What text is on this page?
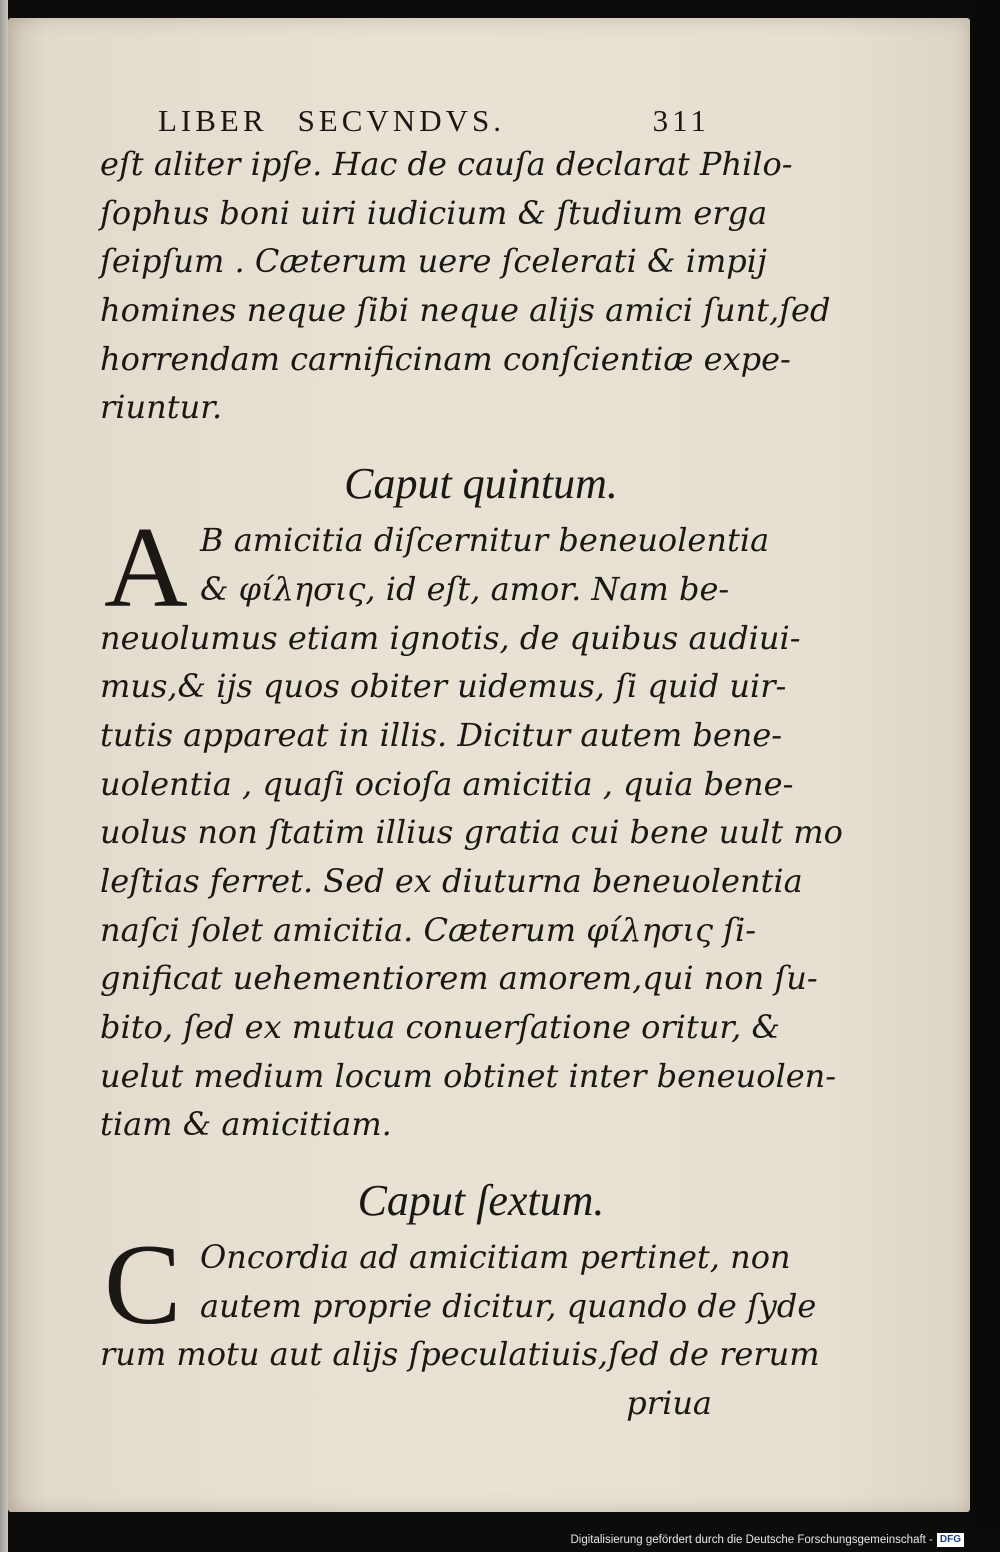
LIBER SECVNDVS.	311
eſt aliter ipſe. Hac de cauſa declarat Philo-
ſophus boni uiri iudicium & ſtudium erga
ſeipſum . Cæterum uere ſcelerati & impij
homines neque ſibi neque alijs amici ſunt,ſed
horrendam carnificinam conſcientiæ expe-
riuntur.
Caput quintum.
A B amicitia diſcernitur beneuolentia
& φίλησις, id eſt, amor. Nam be-
neuolumus etiam ignotis, de quibus audiui-
mus,& ijs quos obiter uidemus, ſi quid uir-
tutis appareat in illis. Dicitur autem bene-
uolentia , quaſi ocioſa amicitia , quia bene-
uolus non ſtatim illius gratia cui bene uult mo
leſtias ferret. Sed ex diuturna beneuolentia
naſci ſolet amicitia. Cæterum φίλησις ſi-
gnificat uehementiorem amorem,qui non ſu-
bito, ſed ex mutua conuerſatione oritur, &
uelut medium locum obtinet inter beneuolen-
tiam & amicitiam.
Caput ſextum.
C Oncordia ad amicitiam pertinet, non
autem proprie dicitur, quando de ſyde
rum motu aut alijs ſpeculatiuis,ſed de rerum
priua
Digitalisierung gefördert durch die Deutsche Forschungsgemeinschaft - DFG
